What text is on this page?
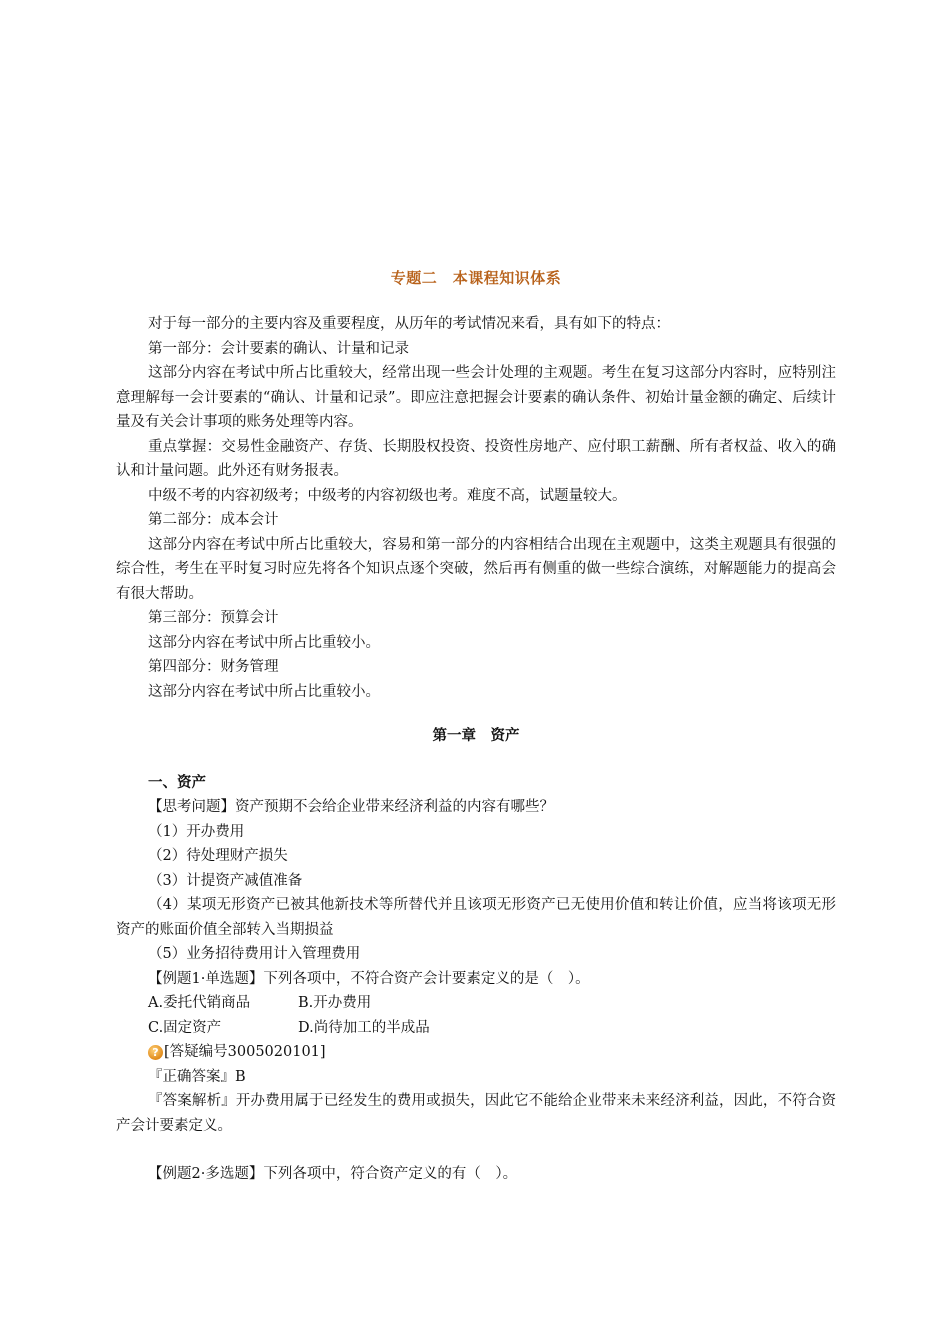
专题二　本课程知识体系

对于每一部分的主要内容及重要程度，从历年的考试情况来看，具有如下的特点：

第一部分：会计要素的确认、计量和记录

这部分内容在考试中所占比重较大，经常出现一些会计处理的主观题。考生在复习这部分内容时，应特别注意理解每一会计要素的“确认、计量和记录”。即应注意把握会计要素的确认条件、初始计量金额的确定、后续计量及有关会计事项的账务处理等内容。

重点掌握：交易性金融资产、存货、长期股权投资、投资性房地产、应付职工薪酬、所有者权益、收入的确认和计量问题。此外还有财务报表。

中级不考的内容初级考；中级考的内容初级也考。难度不高，试题量较大。

第二部分：成本会计

这部分内容在考试中所占比重较大，容易和第一部分的内容相结合出现在主观题中，这类主观题具有很强的综合性，考生在平时复习时应先将各个知识点逐个突破，然后再有侧重的做一些综合演练，对解题能力的提高会有很大帮助。

第三部分：预算会计

这部分内容在考试中所占比重较小。

第四部分：财务管理

这部分内容在考试中所占比重较小。

第一章　资产

一、资产

【思考问题】资产预期不会给企业带来经济利益的内容有哪些？

（1）开办费用

（2）待处理财产损失

（3）计提资产减值准备

（4）某项无形资产已被其他新技术等所替代并且该项无形资产已无使用价值和转让价值，应当将该项无形资产的账面价值全部转入当期损益

（5）业务招待费用计入管理费用

【例题1·单选题】下列各项中，不符合资产会计要素定义的是（　）。

A.委托代销商品	B.开办费用
C.固定资产	D.尚待加工的半成品
? [答疑编号3005020101]

『正确答案』B

『答案解析』开办费用属于已经发生的费用或损失，因此它不能给企业带来未来经济利益，因此，不符合资产会计要素定义。

【例题2·多选题】下列各项中，符合资产定义的有（　）。
